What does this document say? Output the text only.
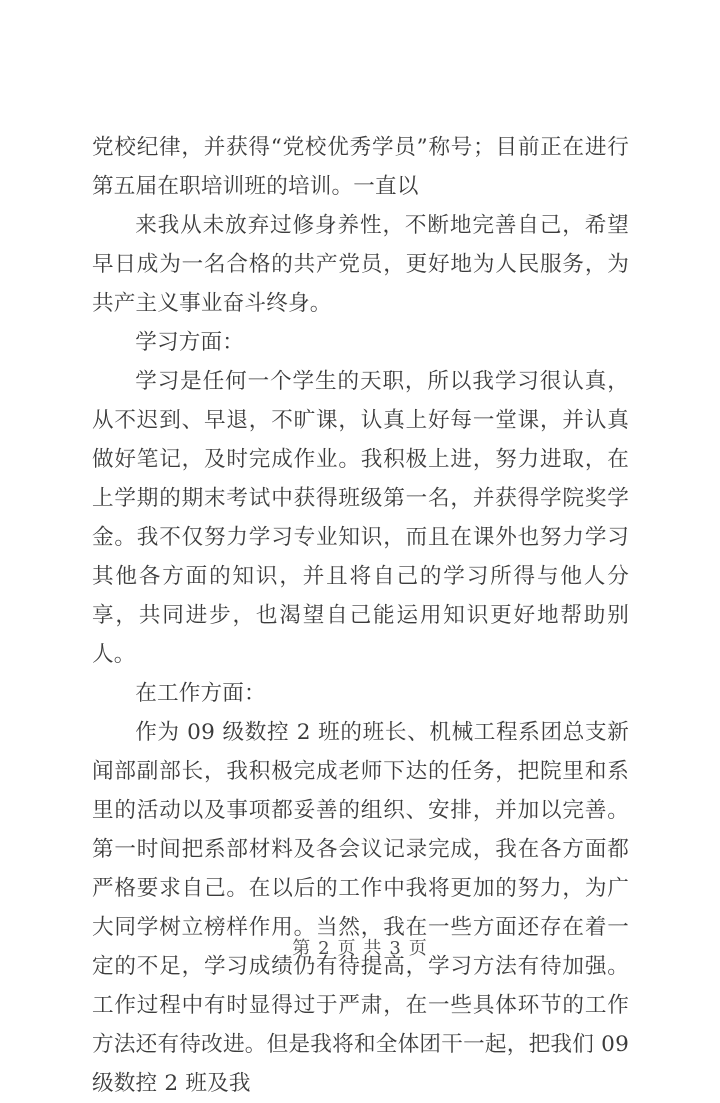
党校纪律，并获得“党校优秀学员”称号；目前正在进行第五届在职培训班的培训。一直以

来我从未放弃过修身养性，不断地完善自己，希望早日成为一名合格的共产党员，更好地为人民服务，为共产主义事业奋斗终身。

学习方面：

学习是任何一个学生的天职，所以我学习很认真，从不迟到、早退，不旷课，认真上好每一堂课，并认真做好笔记，及时完成作业。我积极上进，努力进取，在上学期的期末考试中获得班级第一名，并获得学院奖学金。我不仅努力学习专业知识，而且在课外也努力学习其他各方面的知识，并且将自己的学习所得与他人分享，共同进步，也渴望自己能运用知识更好地帮助别人。

在工作方面：

作为 09 级数控 2 班的班长、机械工程系团总支新闻部副部长，我积极完成老师下达的任务，把院里和系里的活动以及事项都妥善的组织、安排，并加以完善。第一时间把系部材料及各会议记录完成，我在各方面都严格要求自己。在以后的工作中我将更加的努力，为广大同学树立榜样作用。当然，我在一些方面还存在着一定的不足，学习成绩仍有待提高，学习方法有待加强。工作过程中有时显得过于严肃，在一些具体环节的工作方法还有待改进。但是我将和全体团干一起，把我们 09 级数控 2 班及我

第 2 页 共 3 页
